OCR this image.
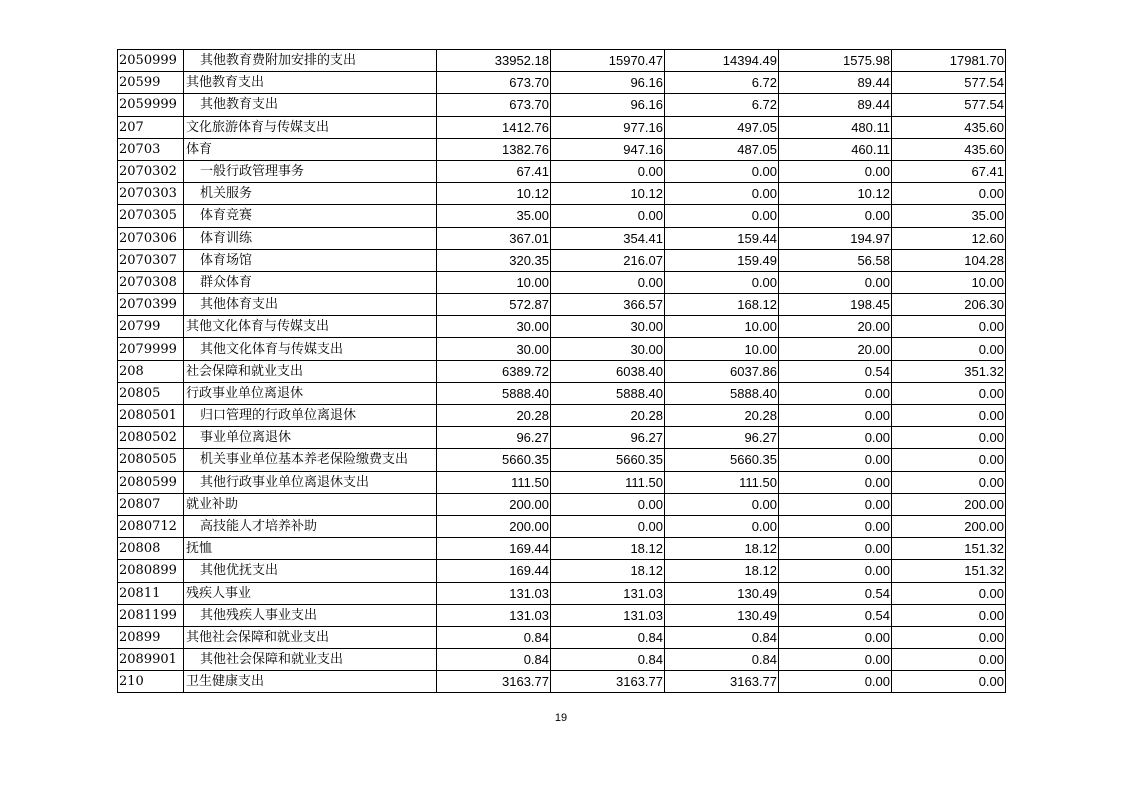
2050999	其他教育费附加安排的支出	33952.18	15970.47	14394.49	1575.98	17981.70
20599	其他教育支出	673.70	96.16	6.72	89.44	577.54
2059999	其他教育支出	673.70	96.16	6.72	89.44	577.54
207	文化旅游体育与传媒支出	1412.76	977.16	497.05	480.11	435.60
20703	体育	1382.76	947.16	487.05	460.11	435.60
2070302	一般行政管理事务	67.41	0.00	0.00	0.00	67.41
2070303	机关服务	10.12	10.12	0.00	10.12	0.00
2070305	体育竞赛	35.00	0.00	0.00	0.00	35.00
2070306	体育训练	367.01	354.41	159.44	194.97	12.60
2070307	体育场馆	320.35	216.07	159.49	56.58	104.28
2070308	群众体育	10.00	0.00	0.00	0.00	10.00
2070399	其他体育支出	572.87	366.57	168.12	198.45	206.30
20799	其他文化体育与传媒支出	30.00	30.00	10.00	20.00	0.00
2079999	其他文化体育与传媒支出	30.00	30.00	10.00	20.00	0.00
208	社会保障和就业支出	6389.72	6038.40	6037.86	0.54	351.32
20805	行政事业单位离退休	5888.40	5888.40	5888.40	0.00	0.00
2080501	归口管理的行政单位离退休	20.28	20.28	20.28	0.00	0.00
2080502	事业单位离退休	96.27	96.27	96.27	0.00	0.00
2080505	机关事业单位基本养老保险缴费支出	5660.35	5660.35	5660.35	0.00	0.00
2080599	其他行政事业单位离退休支出	111.50	111.50	111.50	0.00	0.00
20807	就业补助	200.00	0.00	0.00	0.00	200.00
2080712	高技能人才培养补助	200.00	0.00	0.00	0.00	200.00
20808	抚恤	169.44	18.12	18.12	0.00	151.32
2080899	其他优抚支出	169.44	18.12	18.12	0.00	151.32
20811	残疾人事业	131.03	131.03	130.49	0.54	0.00
2081199	其他残疾人事业支出	131.03	131.03	130.49	0.54	0.00
20899	其他社会保障和就业支出	0.84	0.84	0.84	0.00	0.00
2089901	其他社会保障和就业支出	0.84	0.84	0.84	0.00	0.00
210	卫生健康支出	3163.77	3163.77	3163.77	0.00	0.00
19
